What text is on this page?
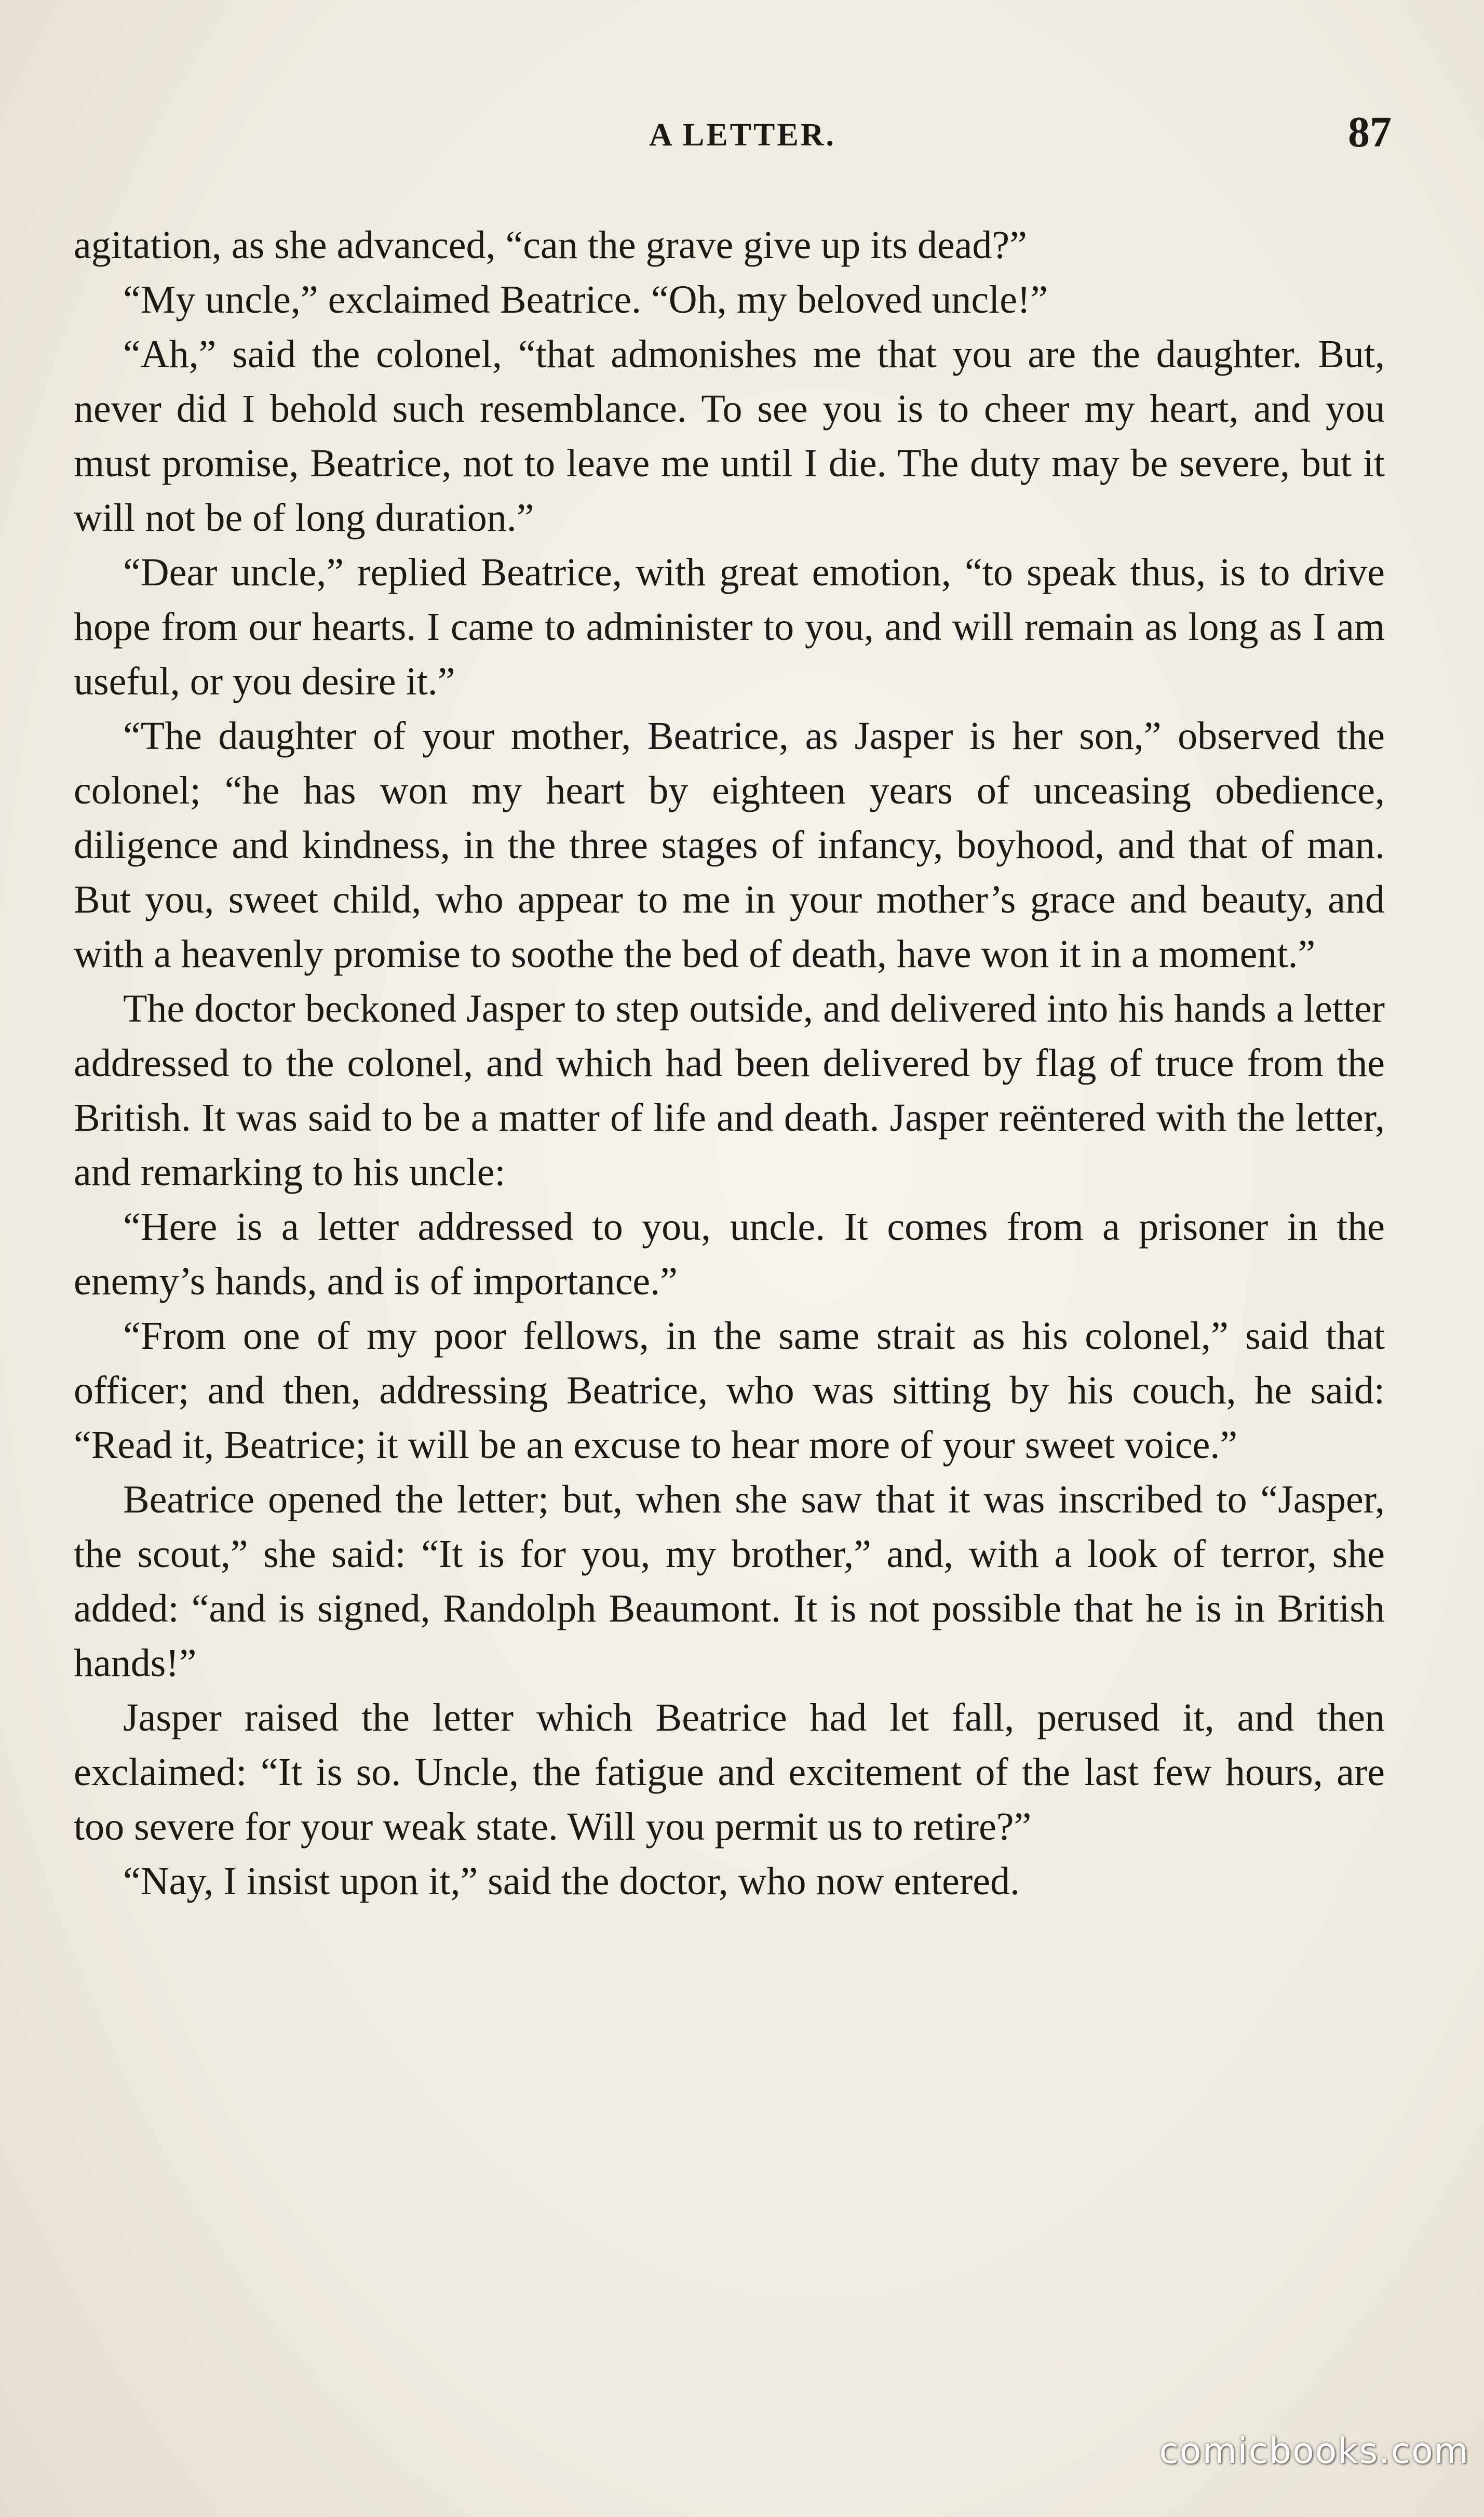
A LETTER.	87

agitation, as she advanced, “can the grave give up its dead?”

“My uncle,” exclaimed Beatrice. “Oh, my beloved uncle!”

“Ah,” said the colonel, “that admonishes me that you are the daughter. But, never did I behold such resemblance. To see you is to cheer my heart, and you must promise, Beatrice, not to leave me until I die. The duty may be severe, but it will not be of long duration.”

“Dear uncle,” replied Beatrice, with great emotion, “to speak thus, is to drive hope from our hearts. I came to administer to you, and will remain as long as I am useful, or you desire it.”

“The daughter of your mother, Beatrice, as Jasper is her son,” observed the colonel; “he has won my heart by eighteen years of unceasing obedience, diligence and kindness, in the three stages of infancy, boyhood, and that of man. But you, sweet child, who appear to me in your mother’s grace and beauty, and with a heavenly promise to soothe the bed of death, have won it in a moment.”

The doctor beckoned Jasper to step outside, and delivered into his hands a letter addressed to the colonel, and which had been delivered by flag of truce from the British. It was said to be a matter of life and death. Jasper reëntered with the letter, and remarking to his uncle:

“Here is a letter addressed to you, uncle. It comes from a prisoner in the enemy’s hands, and is of importance.”

“From one of my poor fellows, in the same strait as his colonel,” said that officer; and then, addressing Beatrice, who was sitting by his couch, he said: “Read it, Beatrice; it will be an excuse to hear more of your sweet voice.”

Beatrice opened the letter; but, when she saw that it was inscribed to “Jasper, the scout,” she said: “It is for you, my brother,” and, with a look of terror, she added: “and is signed, Randolph Beaumont. It is not possible that he is in British hands!”

Jasper raised the letter which Beatrice had let fall, perused it, and then exclaimed: “It is so. Uncle, the fatigue and excitement of the last few hours, are too severe for your weak state. Will you permit us to retire?”

“Nay, I insist upon it,” said the doctor, who now entered.

comicbooks.com
